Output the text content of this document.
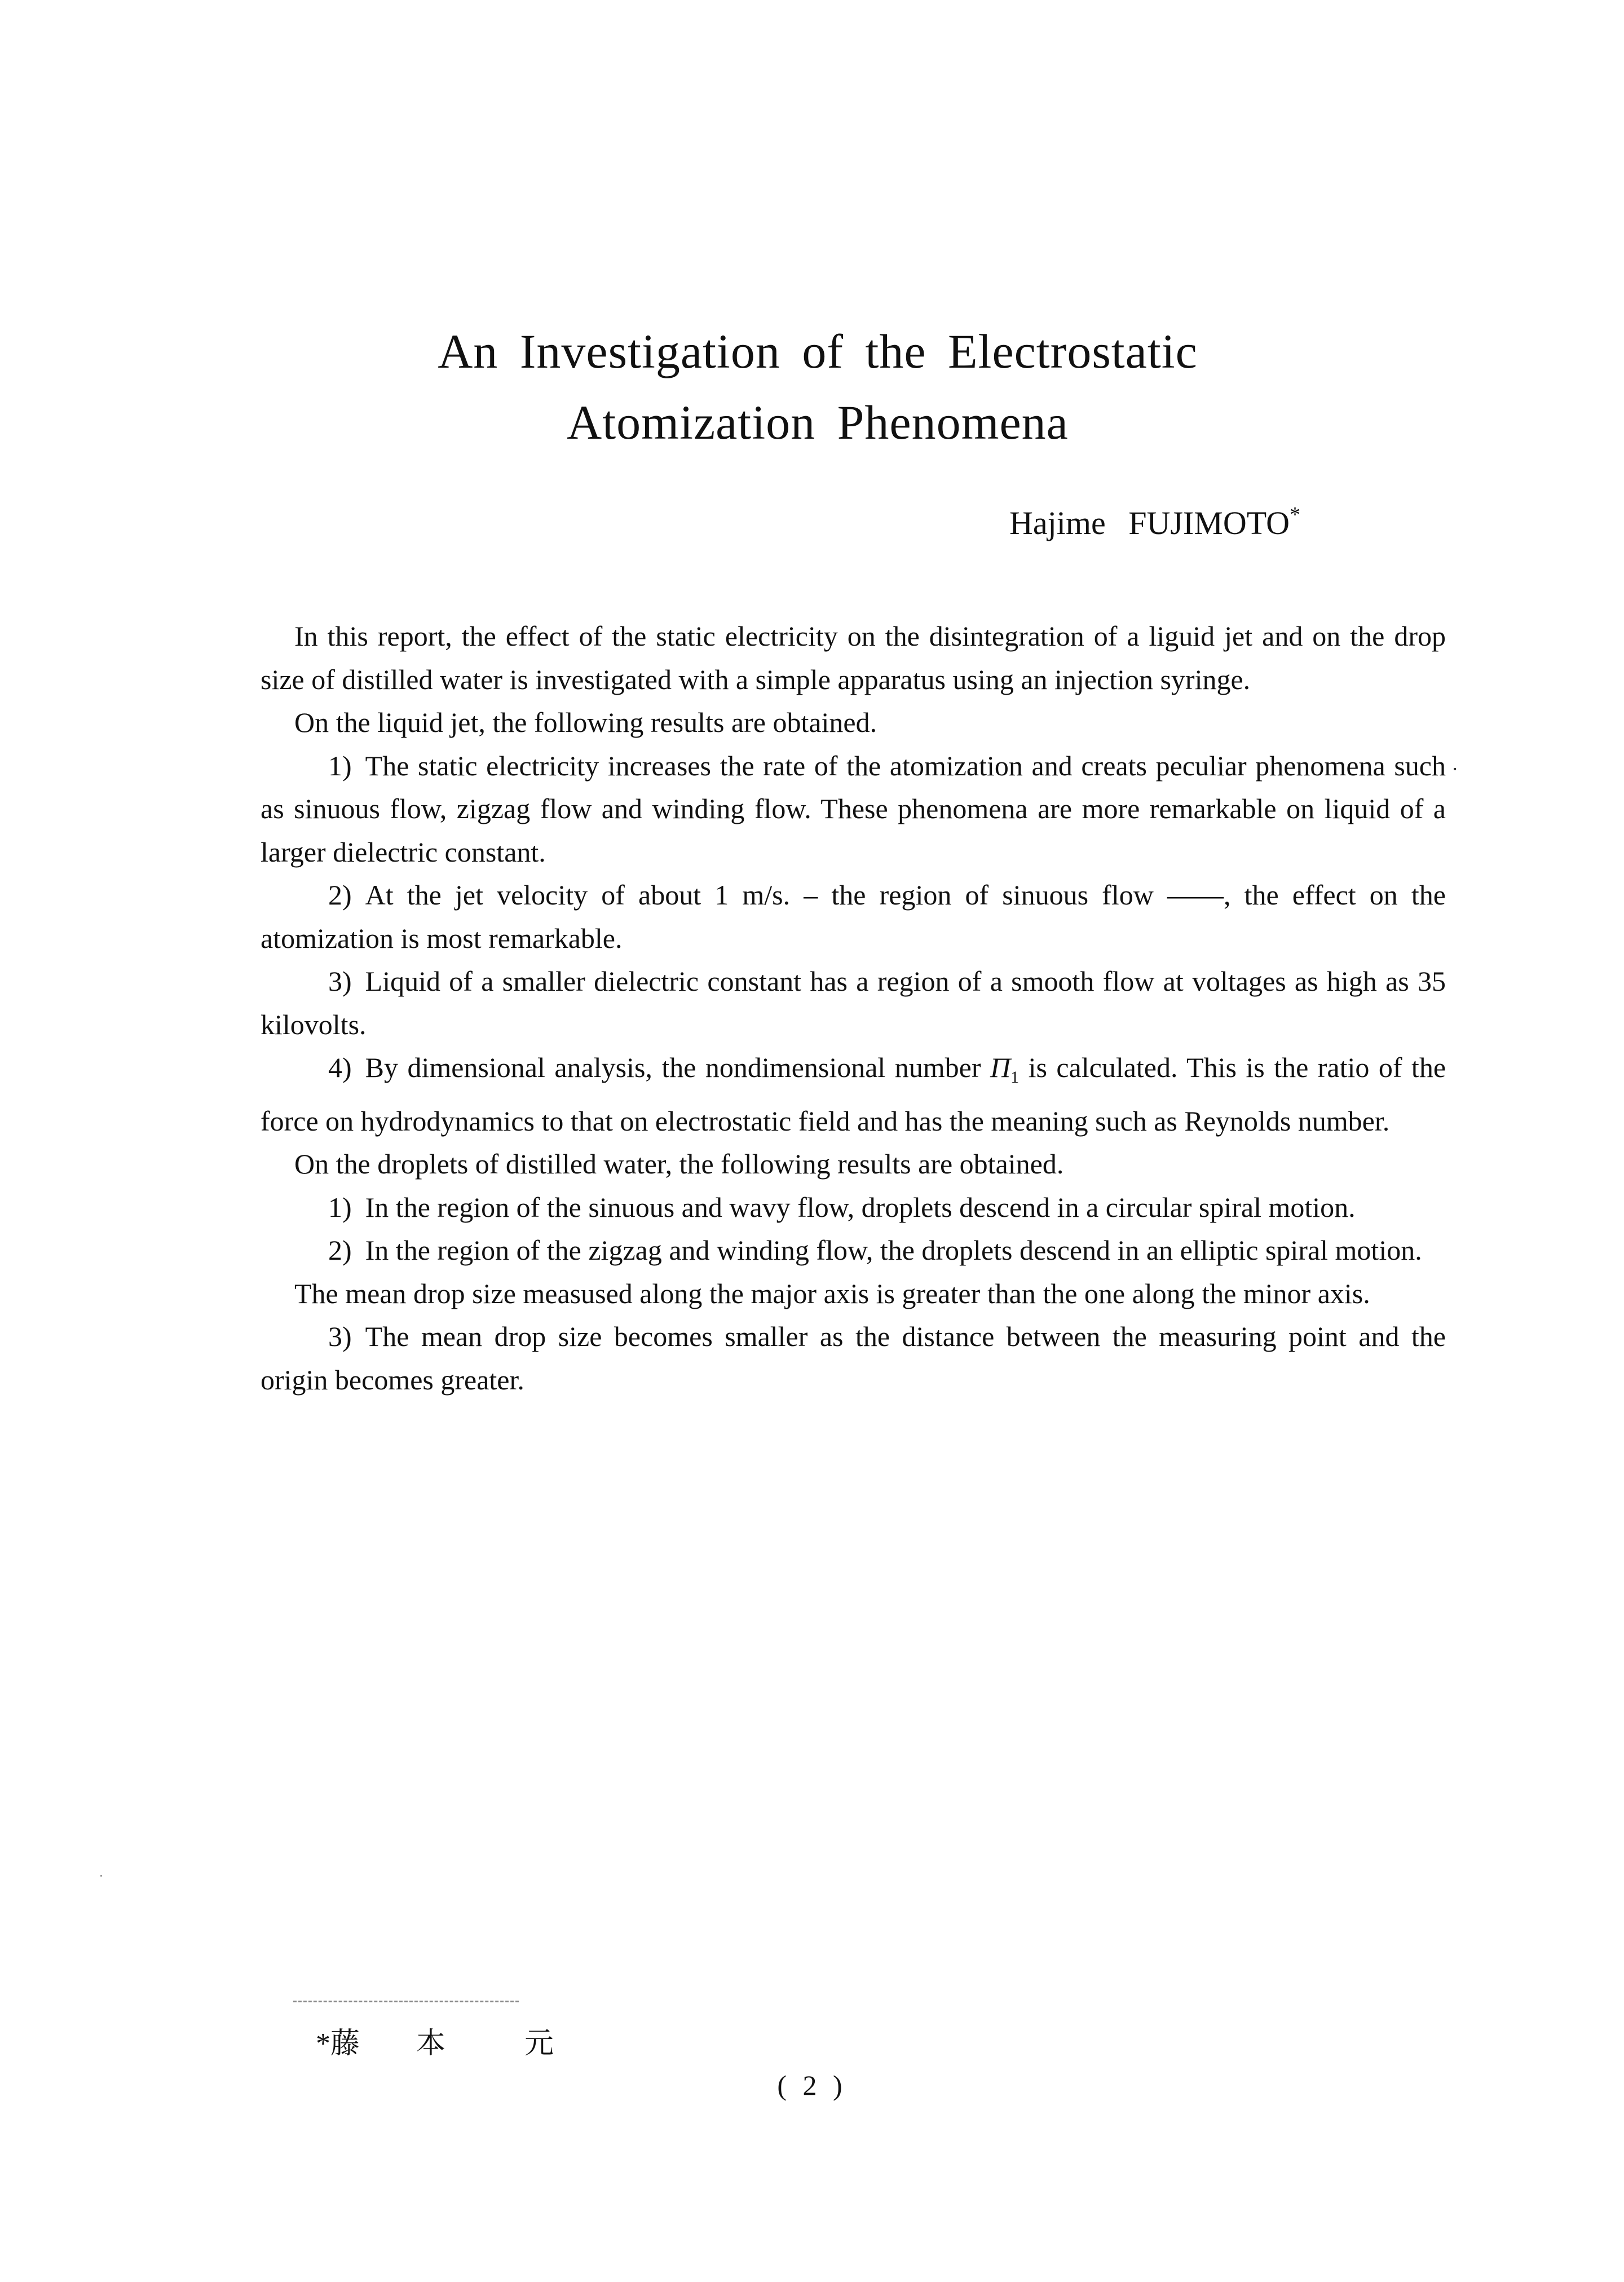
An Investigation of the Electrostatic
Atomization Phenomena
Hajime FUJIMOTO*

In this report, the effect of the static electricity on the disintegration of a liguid jet and on the drop size of distilled water is investigated with a simple apparatus using an injection syringe.

On the liquid jet, the following results are obtained.

1) The static electricity increases the rate of the atomization and creats peculiar phenomena such as sinuous flow, zigzag flow and winding flow. These phenomena are more remarkable on liquid of a larger dielectric constant.

2) At the jet velocity of about 1 m/s. – the region of sinuous flow ——, the effect on the atomization is most remarkable.

3) Liquid of a smaller dielectric constant has a region of a smooth flow at voltages as high as 35 kilovolts.

4) By dimensional analysis, the nondimensional number $\Pi_1$ is calculated. This is the ratio of the force on hydrodynamics to that on electrostatic field and has the meaning such as Reynolds number.

On the droplets of distilled water, the following results are obtained.

1) In the region of the sinuous and wavy flow, droplets descend in a circular spiral motion.

2) In the region of the zigzag and winding flow, the droplets descend in an elliptic spiral motion.

The mean drop size measused along the major axis is greater than the one along the minor axis.

3) The mean drop size becomes smaller as the distance between the measuring point and the origin becomes greater.

*藤 本	元
( 2 )
